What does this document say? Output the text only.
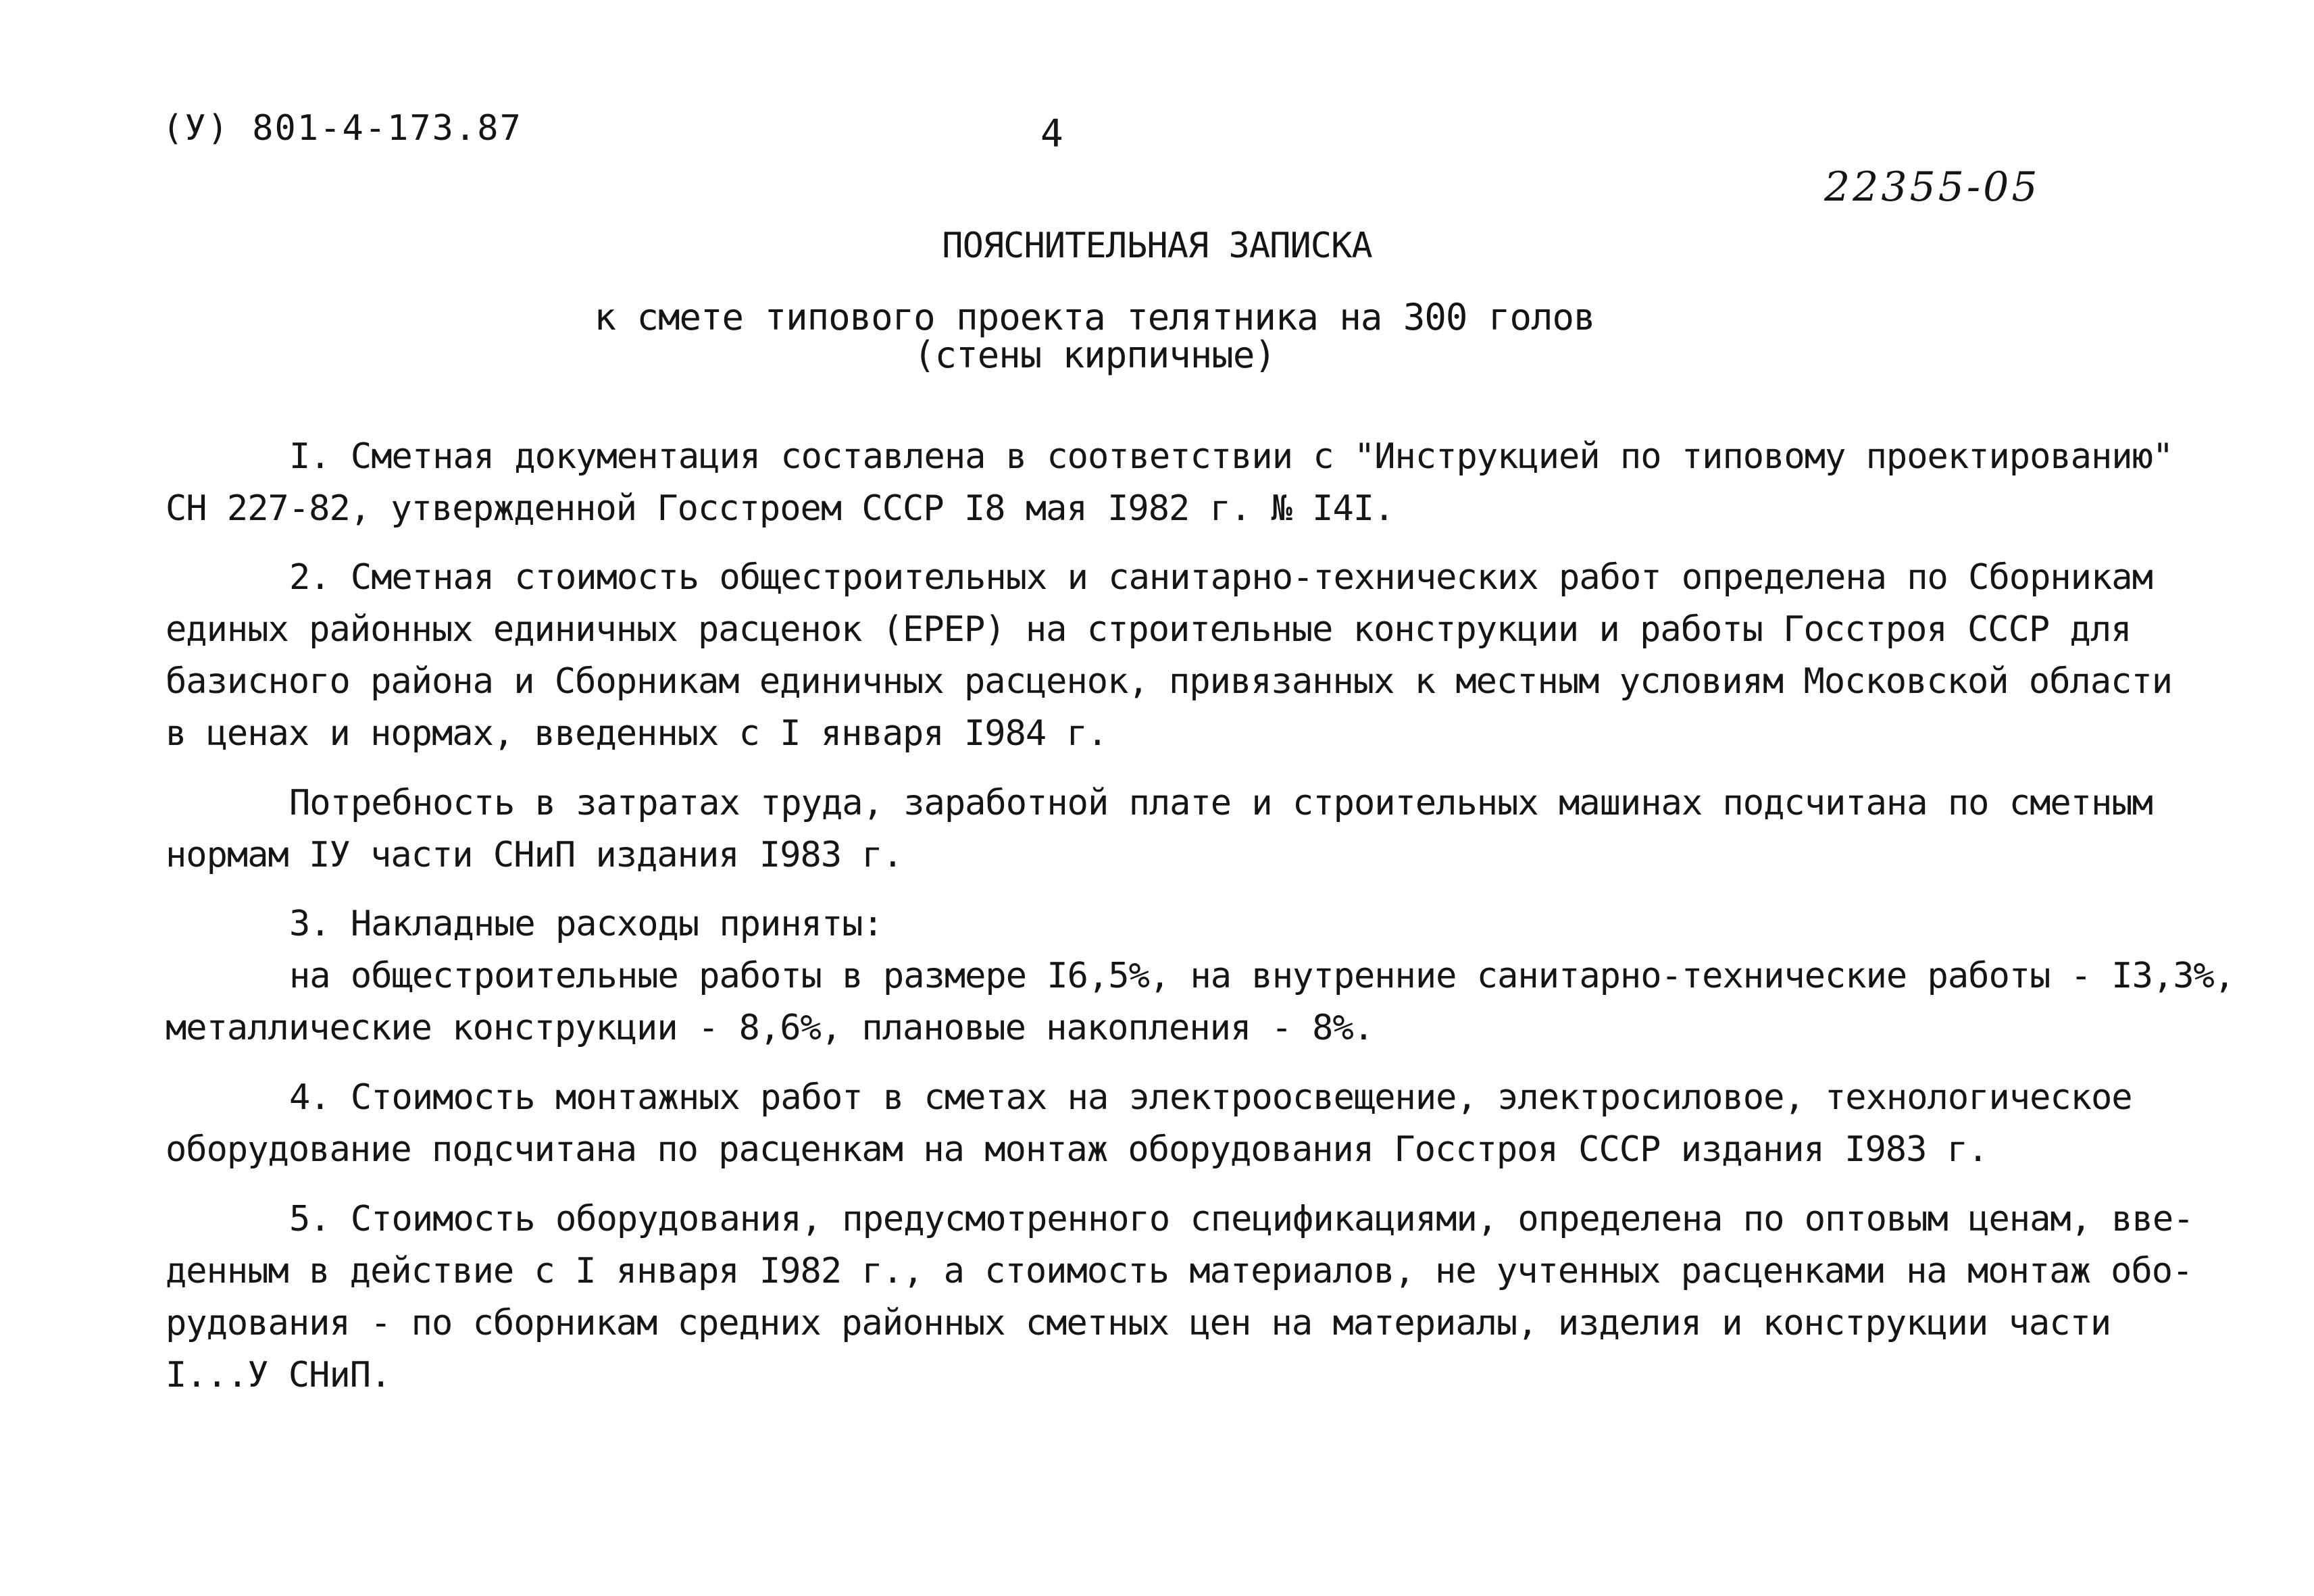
(У) 801-4-173.87	4
22355-05
ПОЯСНИТЕЛЬНАЯ ЗАПИСКА
к смете типового проекта телятника на 300 голов
(стены кирпичные)
I. Сметная документация составлена в соответствии с "Инструкцией по типовому проектированию"
СН 227-82, утвержденной Госстроем СССР I8 мая I982 г. № I4I.
2. Сметная стоимость общестроительных и санитарно-технических работ определена по Сборникам
единых районных единичных расценок (ЕРЕР) на строительные конструкции и работы Госстроя СССР для
базисного района и Сборникам единичных расценок, привязанных к местным условиям Московской области
в ценах и нормах, введенных с I января I984 г.
Потребность в затратах труда, заработной плате и строительных машинах подсчитана по сметным
нормам IУ части СНиП издания I983 г.
3. Накладные расходы приняты:
на общестроительные работы в размере I6,5%, на внутренние санитарно-технические работы - I3,3%,
металлические конструкции - 8,6%, плановые накопления - 8%.
4. Стоимость монтажных работ в сметах на электроосвещение, электросиловое, технологическое
оборудование подсчитана по расценкам на монтаж оборудования Госстроя СССР издания I983 г.
5. Стоимость оборудования, предусмотренного спецификациями, определена по оптовым ценам, вве-
денным в действие с I января I982 г., а стоимость материалов, не учтенных расценками на монтаж обо-
рудования - по сборникам средних районных сметных цен на материалы, изделия и конструкции части
I...У СНиП.
